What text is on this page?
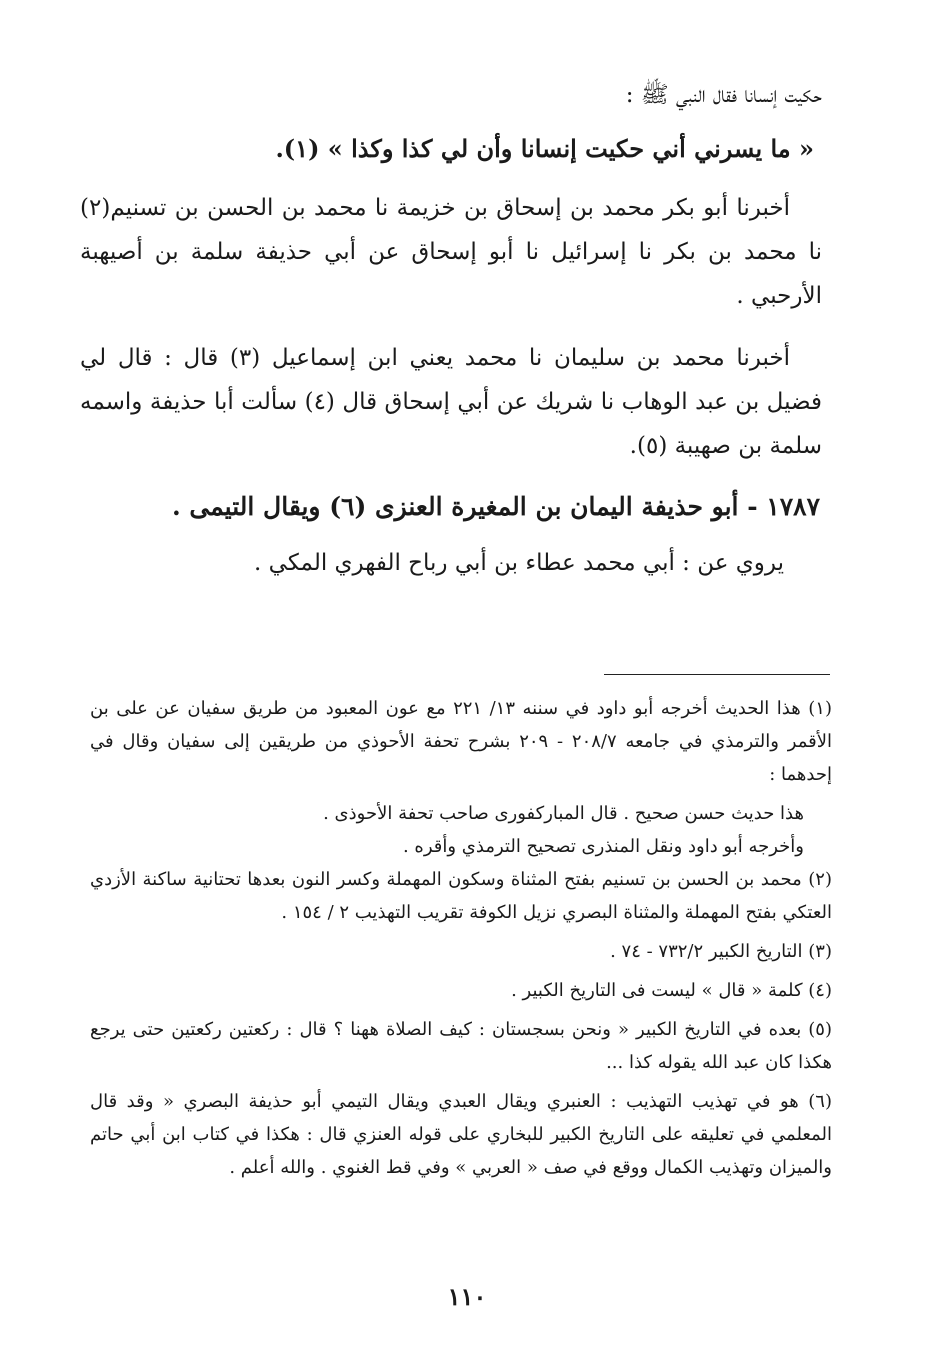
حكيت إنسانا فقال النبي ﷺ :

« ما يسرني أني حكيت إنسانا وأن لي كذا وكذا » (١).

أخبرنا أبو بكر محمد بن إسحاق بن خزيمة نا محمد بن الحسن بن تسنيم(٢) نا محمد بن بكر نا إسرائيل نا أبو إسحاق عن أبي حذيفة سلمة بن أصيهبة الأرحبي .

أخبرنا محمد بن سليمان نا محمد يعني ابن إسماعيل (٣) قال : قال لي فضيل بن عبد الوهاب نا شريك عن أبي إسحاق قال (٤) سألت أبا حذيفة واسمه سلمة بن صهيبة (٥).

١٧٨٧ - أبو حذيفة اليمان بن المغيرة العنزى (٦) ويقال التيمى .

يروي عن : أبي محمد عطاء بن أبي رباح الفهري المكي .

(١) هذا الحديث أخرجه أبو داود في سننه ١٣/ ٢٢١ مع عون المعبود من طريق سفيان عن على بن الأقمر والترمذي في جامعه ٢٠٨/٧ - ٢٠٩ بشرح تحفة الأحوذي من طريقين إلى سفيان وقال في إحدهما :

هذا حديث حسن صحيح . قال المباركفورى صاحب تحفة الأحوذى .

وأخرجه أبو داود ونقل المنذرى تصحيح الترمذي وأقره .

(٢) محمد بن الحسن بن تسنيم بفتح المثناة وسكون المهملة وكسر النون بعدها تحتانية ساكنة الأزدي العتكي بفتح المهملة والمثناة البصري نزيل الكوفة تقريب التهذيب ٢ / ١٥٤ .

(٣) التاريخ الكبير ٧٣٢/٢ - ٧٤ .

(٤) كلمة « قال » ليست فى التاريخ الكبير .

(٥) بعده في التاريخ الكبير « ونحن بسجستان : كيف الصلاة ههنا ؟ قال : ركعتين ركعتين حتى يرجع هكذا كان عبد الله يقوله كذا ...

(٦) هو في تهذيب التهذيب : العنبري ويقال العبدي ويقال التيمي أبو حذيفة البصري « وقد قال المعلمي في تعليقه على التاريخ الكبير للبخاري على قوله العنزي قال : هكذا في كتاب ابن أبي حاتم والميزان وتهذيب الكمال ووقع في صف « العربي » وفي قط الغنوي . والله أعلم .

١١٠
